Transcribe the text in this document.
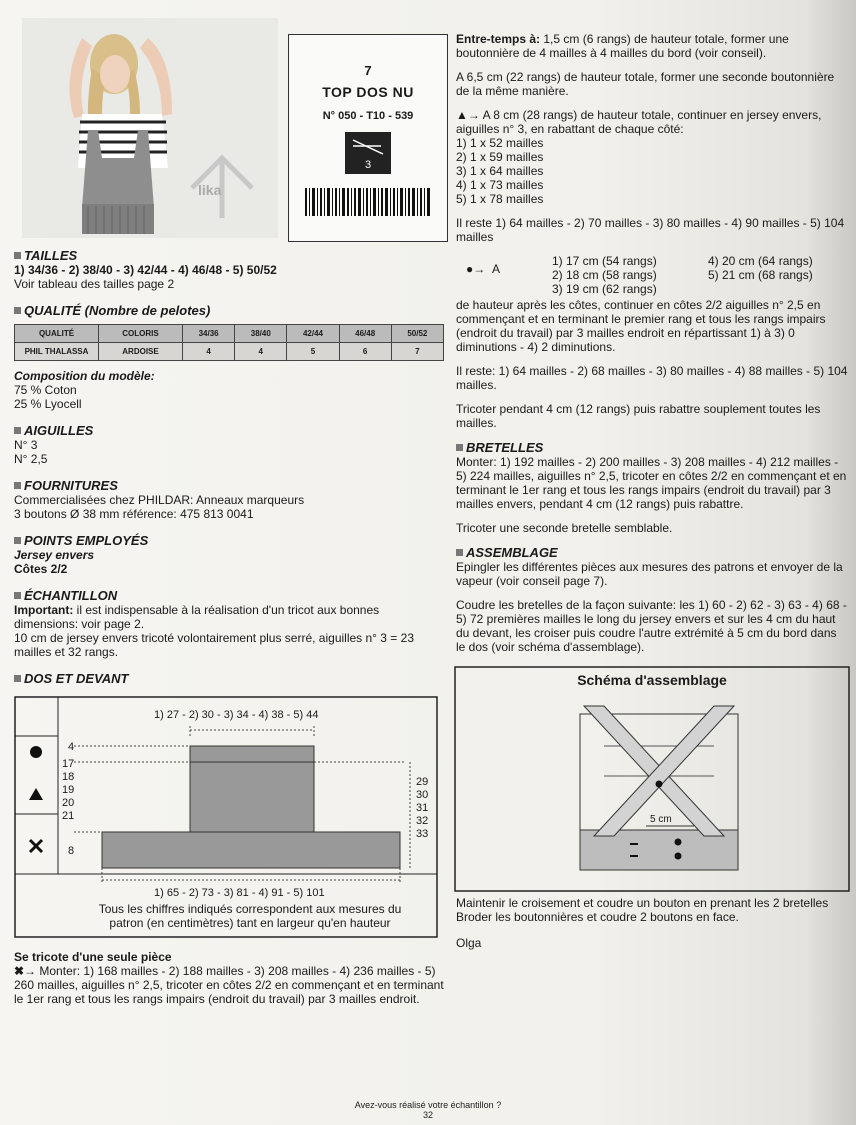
lika
7
TOP DOS NU
N° 050 - T10 - 539
3
TAILLES
1) 34/36 - 2) 38/40 - 3) 42/44 - 4) 46/48 - 5) 50/52
Voir tableau des tailles page 2
QUALITÉ (Nombre de pelotes)
QUALITÉ	COLORIS	34/36	38/40	42/44	46/48	50/52
PHIL THALASSA	ARDOISE	4	4	5	6	7
Composition du modèle:
75 % Coton
25 % Lyocell
AIGUILLES
N° 3
N° 2,5
FOURNITURES
Commercialisées chez PHILDAR: Anneaux marqueurs
3 boutons Ø 38 mm référence: 475 813 0041
POINTS EMPLOYÉS
Jersey envers
Côtes 2/2
ÉCHANTILLON
Important: il est indispensable à la réalisation d'un tricot aux bonnes dimensions: voir page 2.
10 cm de jersey envers tricoté volontairement plus serré, aiguilles n° 3 = 23 mailles et 32 rangs.
DOS ET DEVANT
1) 27 - 2) 30 - 3) 34 - 4) 38 - 5) 44
4
17
18
19
20
21
8
29
30
31
32
33
1) 65 - 2) 73 - 3) 81 - 4) 91 - 5) 101
Tous les chiffres indiqués correspondent aux mesures du
patron (en centimètres) tant en largeur qu'en hauteur
Se tricote d'une seule pièce
✖→ Monter: 1) 168 mailles - 2) 188 mailles - 3) 208 mailles - 4) 236 mailles - 5) 260 mailles, aiguilles n° 2,5, tricoter en côtes 2/2 en commençant et en terminant le 1er rang et tous les rangs impairs (endroit du travail) par 3 mailles endroit.
Entre-temps à: 1,5 cm (6 rangs) de hauteur totale, former une boutonnière de 4 mailles à 4 mailles du bord (voir conseil).
A 6,5 cm (22 rangs) de hauteur totale, former une seconde boutonnière de la même manière.
▲→ A 8 cm (28 rangs) de hauteur totale, continuer en jersey envers, aiguilles n° 3, en rabattant de chaque côté:
1) 1 x 52 mailles
2) 1 x 59 mailles
3) 1 x 64 mailles
4) 1 x 73 mailles
5) 1 x 78 mailles
Il reste 1) 64 mailles - 2) 70 mailles - 3) 80 mailles - 4) 90 mailles - 5) 104 mailles
●→ A
1) 17 cm (54 rangs)
2) 18 cm (58 rangs)
3) 19 cm (62 rangs)
4) 20 cm (64 rangs)
5) 21 cm (68 rangs)
de hauteur après les côtes, continuer en côtes 2/2 aiguilles n° 2,5 en commençant et en terminant le premier rang et tous les rangs impairs (endroit du travail) par 3 mailles endroit en répartissant 1) à 3) 0 diminutions - 4) 2 diminutions.
Il reste: 1) 64 mailles - 2) 68 mailles - 3) 80 mailles - 4) 88 mailles - 5) 104 mailles.
Tricoter pendant 4 cm (12 rangs) puis rabattre souplement toutes les mailles.
BRETELLES
Monter: 1) 192 mailles - 2) 200 mailles - 3) 208 mailles - 4) 212 mailles - 5) 224 mailles, aiguilles n° 2,5, tricoter en côtes 2/2 en commençant et en terminant le 1er rang et tous les rangs impairs (endroit du travail) par 3 mailles envers, pendant 4 cm (12 rangs) puis rabattre.
Tricoter une seconde bretelle semblable.
ASSEMBLAGE
Epingler les différentes pièces aux mesures des patrons et envoyer de la vapeur (voir conseil page 7).
Coudre les bretelles de la façon suivante: les 1) 60 - 2) 62 - 3) 63 - 4) 68 - 5) 72 premières mailles le long du jersey envers et sur les 4 cm du haut du devant, les croiser puis coudre l'autre extrémité à 5 cm du bord dans le dos (voir schéma d'assemblage).
Schéma d'assemblage
5 cm
Maintenir le croisement et coudre un bouton en prenant les 2 bretelles
Broder les boutonnières et coudre 2 boutons en face.
Olga
Avez-vous réalisé votre échantillon ?
32
